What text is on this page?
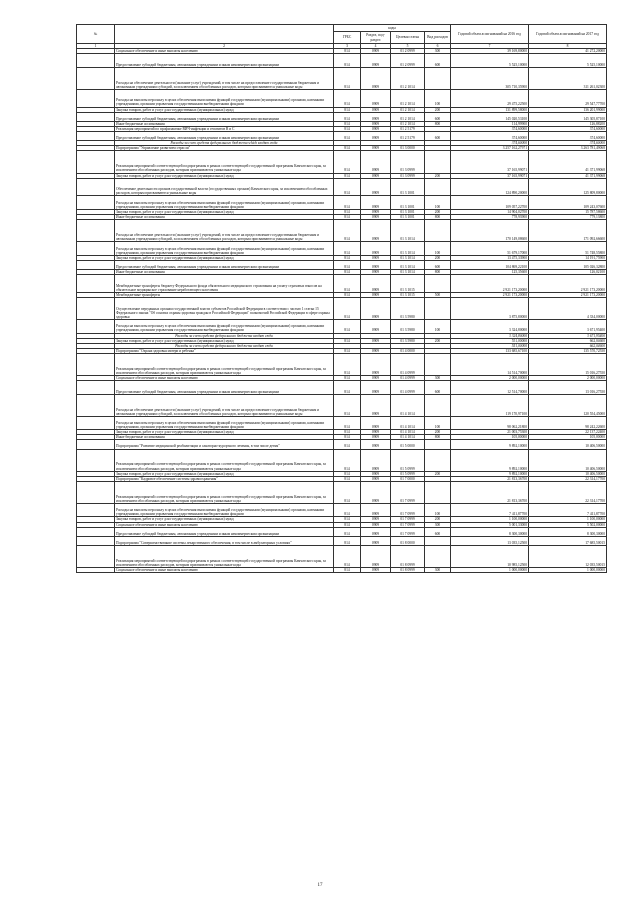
№		коды				Годовой объем ассигнований на 2016 год	Годовой объем ассигнований на 2017 год
		ГРБС	Раздел, под-раздел	Целевая статья	Вид расходов		
1	2	3	4	5	6	7	8
	Социальное обеспечение и иные выплаты населению	814	0909	01 2 0999	300	39 169,80000	41 272,20000
	Предоставление субсидий бюджетным, автономным учреждениям и иным некоммерческим организациям	814	0909	01 2 0999	600	5 525,10000	5 525,10000
	Расходы на обеспечение деятельности (оказание услуг) учреждений, в том числе на предоставление государственным бюджетным и автономным учреждениям субсидий, за исключением обособленных расходов, которым присваиваются уникальные коды	814	0909	01 2 1014		305 710,35900	311 261,02300
	Расходы на выплаты персоналу в целях обеспечения выполнения функций государственными (муниципальными) органами, казенными учреждениями, органами управления государственными внебюджетными фондами	814	0909	01 2 1014	100	29 475,22500	29 547,77700
	Закупка товаров, работ и услуг для государственных (муниципальных) нужд	814	0909	01 2 1014	200	131 899,58000	136 201,99000
	Предоставление субсидий бюджетным, автономным учреждениям и иным некоммерческим организациям	814	0909	01 2 1014	600	145 020,53100	145 305,87100
	Иные бюджетные ассигнования	814	0909	01 2 1014	800	114,99900	126,88200
	Реализация мероприятий по профилактике ВИЧ-инфекции и гепатитов В и С	814	0909	01 2 5179		374,60000	374,60000
	Предоставление субсидий бюджетным, автономным учреждениям и иным некоммерческим организациям	814	0909	01 2 5179	600	374,60000	374,60000
	Расходы за счет средств федерального бюджета which входят сюда					374,60000	374,60000
	Подпрограмма "Управление развитием отрасли"	814	0909	01 3 0000		3 257 162,27971	3 263 781,49068
	Реализация мероприятий соответствующей подпрограммы в рамках соответствующей государственной программы Камчатского края, за исключением обособленных расходов, которым присваиваются уникальные коды	814	0909	01 3 0999		37 165,99071	41 371,99068
	Закупка товаров, работ и услуг для государственных (муниципальных) нужд	814	0909	01 3 0999	200	37 165,99071	41 371,99068
	Обеспечение деятельности органов государственной власти (государственных органов) Камчатского края, за исключением обособленных расходов, которым присваиваются уникальные коды	814	0909	01 3 1001		124 890,20000	125 809,80000
	Расходы на выплаты персоналу в целях обеспечения выполнения функций государственными (муниципальными) органами, казенными учреждениями, органами управления государственными внебюджетными фондами	814	0909	01 3 1001	100	109 057,22700	109 243,07600
	Закупка товаров, работ и услуг для государственных (муниципальных) нужд	814	0909	01 3 1001	200	14 904,02700	15 787,58600
	Иные бюджетные ассигнования	814	0909	01 3 1001	800	778,93900	779,13800
	Расходы на обеспечение деятельности (оказание услуг) учреждений, в том числе на предоставление государственным бюджетным и автономным учреждениям субсидий, за исключением обособленных расходов, которым присваиваются уникальные коды	814	0909	01 3 1014		170 149,08600	171 092,66600
	Расходы на выплаты персоналу в целях обеспечения выполнения функций государственными (муниципальными) органами, казенными учреждениями, органами управления государственными внебюджетными фондами	814	0909	01 3 1014	100	51 679,17000	51 748,55800
	Закупка товаров, работ и услуг для государственных (муниципальных) нужд	814	0909	01 3 1014	200	13 475,33900	14 191,75900
	Предоставление субсидий бюджетным, автономным учреждениям и иным некоммерческим организациям	814	0909	01 3 1014	600	104 869,22100	105 026,32800
	Иные бюджетные ассигнования	814	0909	01 3 1014	800	125,35600	126,02100
	Межбюджетные трансферты бюджету Федерального фонда обязательного медицинского страхования на уплату страховых взносов на обязательное медицинское страхование неработающего населения	814	0909	01 3 1015		2 921 173,20000	2 921 173,20000
	Межбюджетные трансферты	814	0909	01 3 1015	500	2 921 173,20000	2 921 173,20000
	Осуществление переданных органам государственной власти субъектов Российской Федерации в соответствии с частью 1 статьи 15 Федерального закона "Об основах охраны здоровья граждан в Российской Федерации" полномочий Российской Федерации в сфере охраны здоровья	814	0909	01 3 5980		3 875,80000	4 334,00000
	Расходы на выплаты персоналу в целях обеспечения выполнения функций государственными (муниципальными) органами, казенными учреждениями, органами управления государственными внебюджетными фондами	814	0909	01 3 5980	100	3 324,80000	3 671,95400
	Расходы за счет средств федерального бюджета входят сюда					3 324,80000	3 671,95400
	Закупка товаров, работ и услуг для государственных (муниципальных) нужд	814	0909	01 3 5980	200	551,00000	662,04600
	Расходы за счет средств федерального бюджета входят сюда					551,00000	662,04600
	Подпрограмма "Охрана здоровья матери и ребенка"	814	0909	01 4 0000		133 685,67100	135 570,72550
	Реализация мероприятий соответствующей подпрограммы в рамках соответствующей государственной программы Камчатского края, за исключением обособленных расходов, которым присваиваются уникальные коды	814	0909	01 4 0999		14 514,70000	15 016,27550
	Социальное обеспечение и иные выплаты населению	814	0909	01 4 0999	300	2 000,00000	2 000,00000
	Предоставление субсидий бюджетным, автономным учреждениям и иным некоммерческим организациям	814	0909	01 4 0999	600	12 514,70000	13 016,27550
	Расходы на обеспечение деятельности (оказание услуг) учреждений, в том числе на предоставление государственным бюджетным и автономным учреждениям субсидий, за исключением обособленных расходов, которым присваиваются уникальные коды	814	0909	01 4 1014		119 170,97100	120 554,45000
	Расходы на выплаты персоналу в целях обеспечения выполнения функций государственными (муниципальными) органами, казенными учреждениями, органами управления государственными внебюджетными фондами	814	0909	01 4 1014	100	98 062,21800	98 242,22600
	Закупка товаров, работ и услуг для государственных (муниципальных) нужд	814	0909	01 4 1014	200	21 003,75300	22 137,22400
	Иные бюджетные ассигнования	814	0909	01 4 1014	800	105,00000	105,00000
	Подпрограмма "Развитие медицинской реабилитации и санаторно-курортного лечения, в том числе детям"	814	0909	01 5 0000		9 892,10000	10 406,50000
	Реализация мероприятий соответствующей подпрограммы в рамках соответствующей государственной программы Камчатского края, за исключением обособленных расходов, которым присваиваются уникальные коды	814	0909	01 5 0999		9 892,10000	10 406,50000
	Закупка товаров, работ и услуг для государственных (муниципальных) нужд	814	0909	01 5 0999	200	9 892,10000	10 406,50000
	Подпрограмма "Кадровое обеспечение системы здравоохранения"	814	0909	01 7 0000		21 813,36700	22 314,17700
	Реализация мероприятий соответствующей подпрограммы в рамках соответствующей государственной программы Камчатского края, за исключением обособленных расходов, которым присваиваются уникальные коды	814	0909	01 7 0999		21 813,36700	22 314,17700
	Расходы на выплаты персоналу в целях обеспечения выполнения функций государственными (муниципальными) органами, казенными учреждениями, органами управления государственными внебюджетными фондами	814	0909	01 7 0999	100	7 411,87700	7 411,87700
	Закупка товаров, работ и услуг для государственных (муниципальных) нужд	814	0909	01 7 0999	200	1 100,00000	1 100,00000
	Социальное обеспечение и иные выплаты населению	814	0909	01 7 0999	300	5 001,33000	5 502,00000
	Предоставление субсидий бюджетным, автономным учреждениям и иным некоммерческим организациям	814	0909	01 7 0999	600	8 300,30000	8 300,30000
	Подпрограмма "Совершенствование системы лекарственного обеспечения, в том числе в амбулаторных условиях"	814	0909	01 8 0000		13 035,12500	17 685,50015
	Реализация мероприятий соответствующей подпрограммы в рамках соответствующей государственной программы Камчатского края, за исключением обособленных расходов, которым присваиваются уникальные коды	814	0909	01 8 0999		10 985,12500	12 035,50015
	Социальное обеспечение и иные выплаты населению	814	0909	01 8 0999	300	1 000,00000	1 000,00000
17
